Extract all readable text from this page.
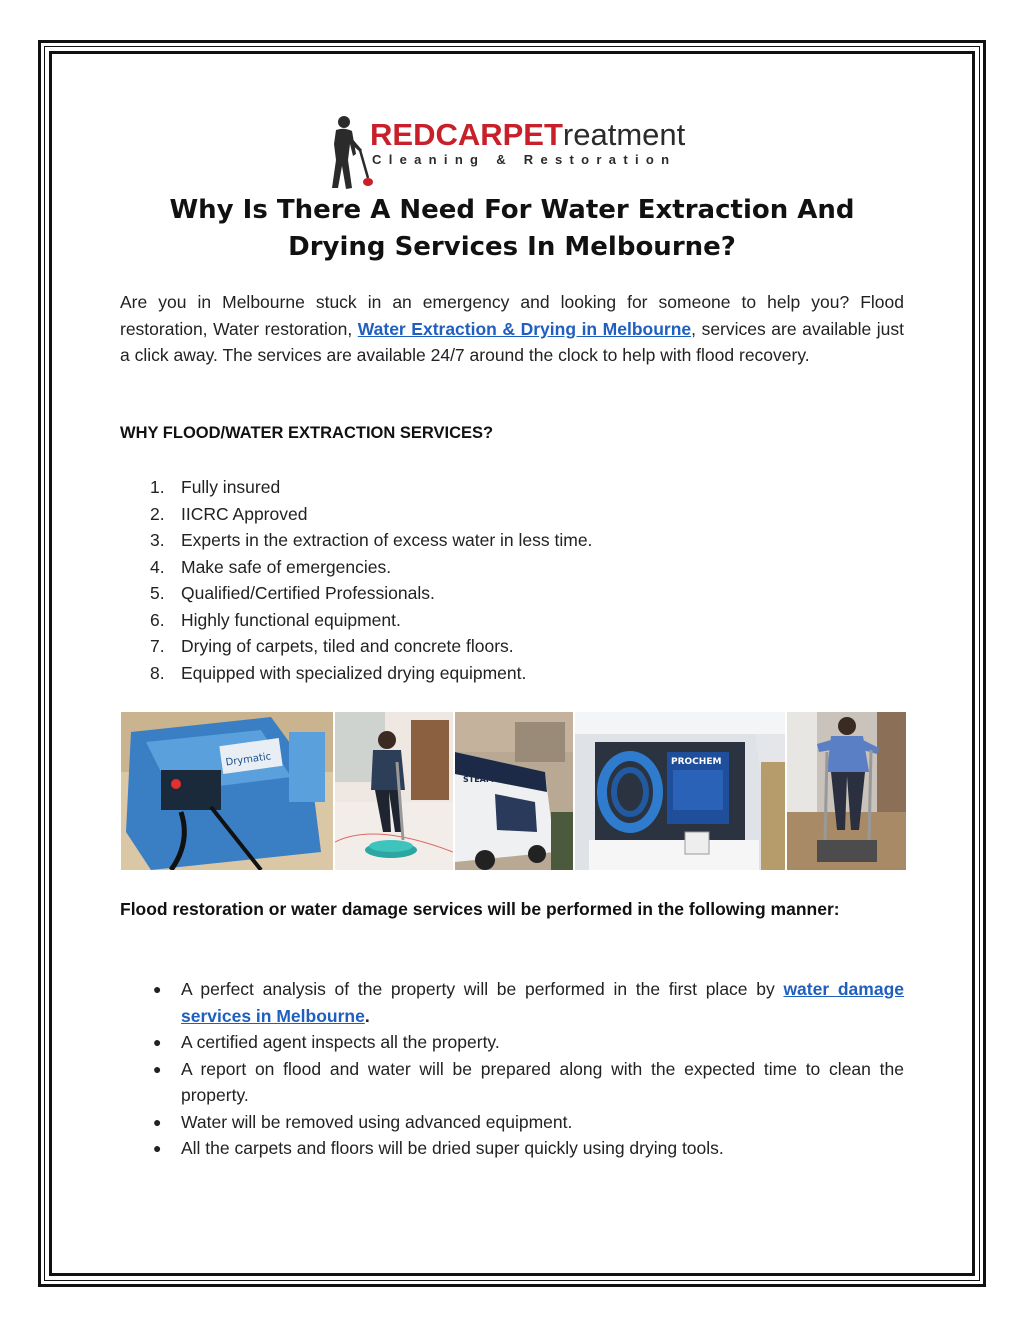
REDCARPETreatment
Cleaning & Restoration
Why Is There A Need For Water Extraction And Drying Services In Melbourne?
Are you in Melbourne stuck in an emergency and looking for someone to help you? Flood restoration, Water restoration, Water Extraction & Drying in Melbourne, services are available just a click away. The services are available 24/7 around the clock to help with flood recovery.
WHY FLOOD/WATER EXTRACTION SERVICES?
1. Fully insured
2. IICRC Approved
3. Experts in the extraction of excess water in less time.
4. Make safe of emergencies.
5. Qualified/Certified Professionals.
6. Highly functional equipment.
7. Drying of carpets, tiled and concrete floors.
8. Equipped with specialized drying equipment.
Drymatic
STEAM CLEANING
PROCHEM
Flood restoration or water damage services will be performed in the following manner:
● A perfect analysis of the property will be performed in the first place by water damage services in Melbourne.
● A certified agent inspects all the property.
● A report on flood and water will be prepared along with the expected time to clean the property.
● Water will be removed using advanced equipment.
● All the carpets and floors will be dried super quickly using drying tools.
